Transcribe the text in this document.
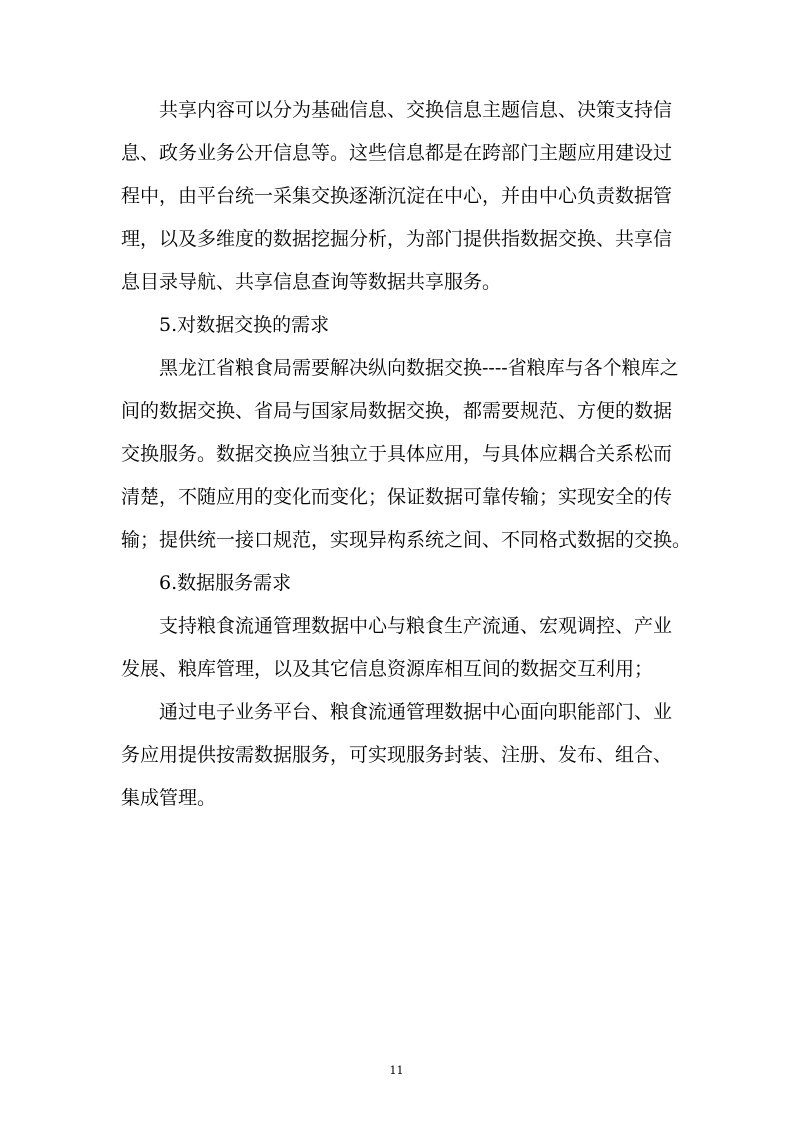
共享内容可以分为基础信息、交换信息主题信息、决策支持信
息、政务业务公开信息等。这些信息都是在跨部门主题应用建设过
程中，由平台统一采集交换逐渐沉淀在中心，并由中心负责数据管
理，以及多维度的数据挖掘分析，为部门提供指数据交换、共享信
息目录导航、共享信息查询等数据共享服务。
5.对数据交换的需求
黑龙江省粮食局需要解决纵向数据交换----省粮库与各个粮库之
间的数据交换、省局与国家局数据交换，都需要规范、方便的数据
交换服务。数据交换应当独立于具体应用，与具体应耦合关系松而
清楚，不随应用的变化而变化；保证数据可靠传输；实现安全的传
输；提供统一接口规范，实现异构系统之间、不同格式数据的交换。
6.数据服务需求
支持粮食流通管理数据中心与粮食生产流通、宏观调控、产业
发展、粮库管理，以及其它信息资源库相互间的数据交互利用；
通过电子业务平台、粮食流通管理数据中心面向职能部门、业
务应用提供按需数据服务，可实现服务封装、注册、发布、组合、
集成管理。
11
